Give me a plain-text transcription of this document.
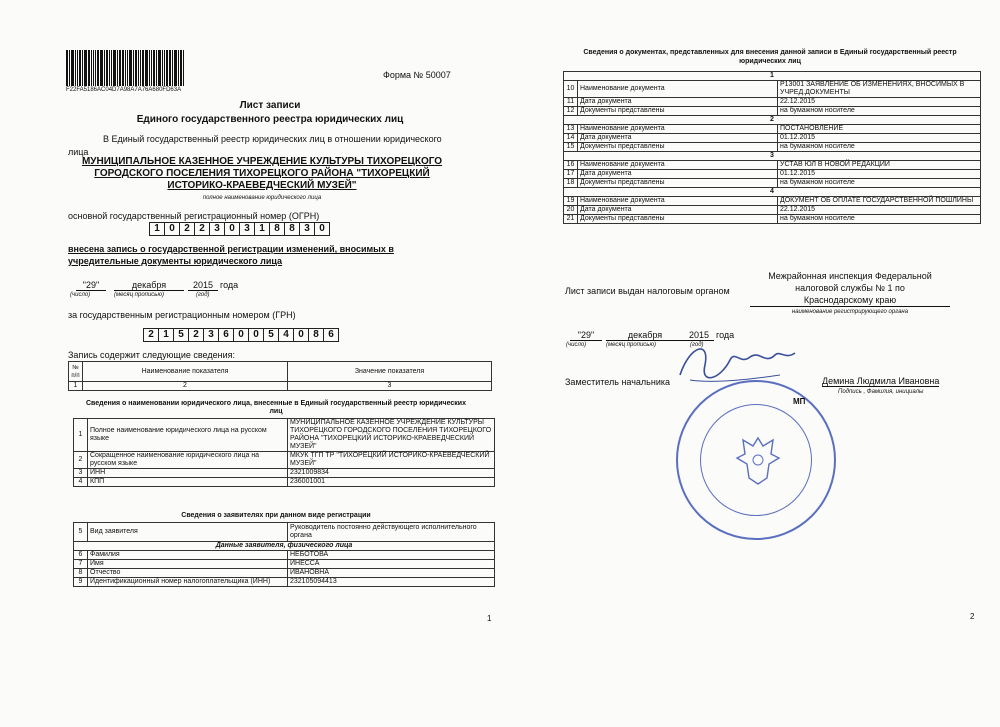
F22FA5186AC04D7A98A7A76A680FD63A
Форма № 50007
Лист записи
Единого государственного реестра юридических лиц
В Единый государственный реестр юридических лиц в отношении юридического
лица
МУНИЦИПАЛЬНОЕ КАЗЕННОЕ УЧРЕЖДЕНИЕ КУЛЬТУРЫ ТИХОРЕЦКОГО
ГОРОДСКОГО ПОСЕЛЕНИЯ ТИХОРЕЦКОГО РАЙОНА "ТИХОРЕЦКИЙ
ИСТОРИКО-КРАЕВЕДЧЕСКИЙ МУЗЕЙ"
полное наименование юридического лица
основной государственный регистрационный номер (ОГРН)
1 0 2 2 3 0 3 1 8 8 3 0
внесена запись о государственной регистрации изменений, вносимых в
учредительные документы юридического лица
"29"	декабря	2015 года
(число)	(месяц прописью)	(год)
за государственным регистрационным номером (ГРН)
2 1 5 2 3 6 0 0 5 4 0 8 6
Запись содержит следующие сведения:
№ п/п	Наименование показателя	Значение показателя
1	2	3
Сведения о наименовании юридического лица, внесенные в Единый государственный реестр юридических лиц
1	Полное наименование юридического лица на русском языке	МУНИЦИПАЛЬНОЕ КАЗЕННОЕ УЧРЕЖДЕНИЕ КУЛЬТУРЫ ТИХОРЕЦКОГО ГОРОДСКОГО ПОСЕЛЕНИЯ ТИХОРЕЦКОГО РАЙОНА "ТИХОРЕЦКИЙ ИСТОРИКО-КРАЕВЕДЧЕСКИЙ МУЗЕЙ"
2	Сокращенное наименование юридического лица на русском языке	МКУК ТГП ТР "ТИХОРЕЦКИЙ ИСТОРИКО-КРАЕВЕДЧЕСКИЙ МУЗЕЙ"
3	ИНН	2321009834
4	КПП	236001001
Сведения о заявителях при данном виде регистрации
5	Вид заявителя	Руководитель постоянно действующего исполнительного органа
Данные заявителя, физического лица		
6	Фамилия	НЕБОТОВА
7	Имя	ИНЕССА
8	Отчество	ИВАНОВНА
9	Идентификационный номер налогоплательщика (ИНН)	232105094413
1
Сведения о документах, представленных для внесения данной записи в Единый государственный реестр юридических лиц
1		
10	Наименование документа	Р13001 ЗАЯВЛЕНИЕ ОБ ИЗМЕНЕНИЯХ, ВНОСИМЫХ В УЧРЕД.ДОКУМЕНТЫ
11	Дата документа	22.12.2015
12	Документы представлены	на бумажном носителе
2		
13	Наименование документа	ПОСТАНОВЛЕНИЕ
14	Дата документа	01.12.2015
15	Документы представлены	на бумажном носителе
3		
16	Наименование документа	УСТАВ ЮЛ В НОВОЙ РЕДАКЦИИ
17	Дата документа	01.12.2015
18	Документы представлены	на бумажном носителе
4		
19	Наименование документа	ДОКУМЕНТ ОБ ОПЛАТЕ ГОСУДАРСТВЕННОЙ ПОШЛИНЫ
20	Дата документа	22.12.2015
21	Документы представлены	на бумажном носителе
Лист записи выдан налоговым органом
Межрайонная инспекция Федеральной
налоговой службы № 1 по
Краснодарскому краю
наименование регистрирующего органа
"29"	декабря	2015 года
(число)	(месяц прописью)	(год)
Заместитель начальника	Демина Людмила Ивановна
Подпись , Фамилия, инициалы
МП
2
